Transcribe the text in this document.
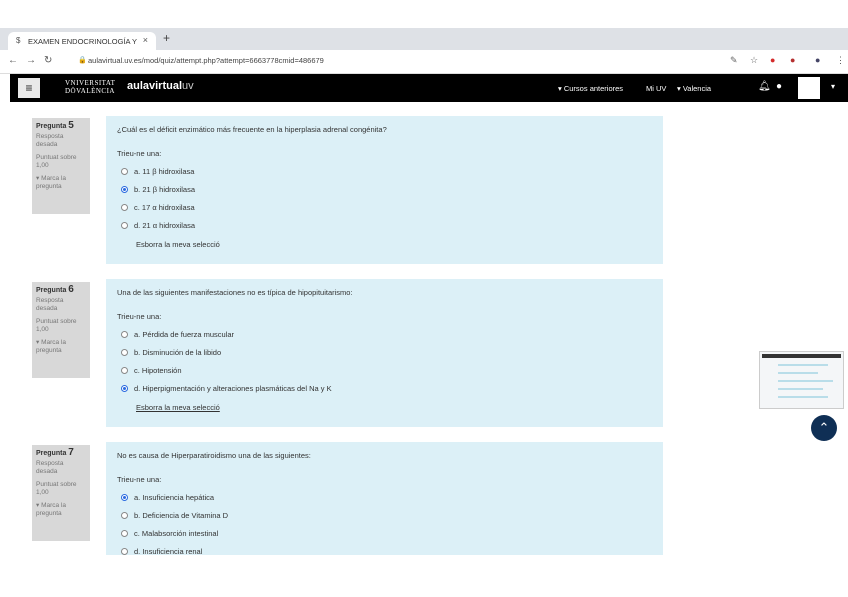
$	EXAMEN ENDOCRINOLOGÍA Y × +
← → ↻	🔒 aulavirtual.uv.es/mod/quiz/attempt.php?attempt=6663778cmid=486679	✎ ☆ ● ● ● ⋮
≡	VNIVERSITAT
DÖVALÈNCIA aulavirtualuv	▾ Cursos anteriores	Mi UV ▾ Valencia	🔔︎ ●	▾
Pregunta 5
Resposta desada
Puntuat sobre 1,00
▾ Marca la pregunta
¿Cuál es el déficit enzimático más frecuente en la hiperplasia adrenal congénita?
Trieu-ne una:
a. 11 β hidroxilasa
b. 21 β hidroxilasa
c. 17 α hidroxilasa
d. 21 α hidroxilasa
Esborra la meva selecció
Pregunta 6
Resposta desada
Puntuat sobre 1,00
▾ Marca la pregunta
Una de las siguientes manifestaciones no es típica de hipopituitarismo:
Trieu-ne una:
a. Pérdida de fuerza muscular
b. Disminución de la libido
c. Hipotensión
d. Hiperpigmentación y alteraciones plasmáticas del Na y K
Esborra la meva selecció
Pregunta 7
Resposta desada
Puntuat sobre 1,00
▾ Marca la pregunta
No es causa de Hiperparatiroidismo una de las siguientes:
Trieu-ne una:
a. Insuficiencia hepática
b. Deficiencia de Vitamina D
c. Malabsorción intestinal
d. Insuficiencia renal
⌃
